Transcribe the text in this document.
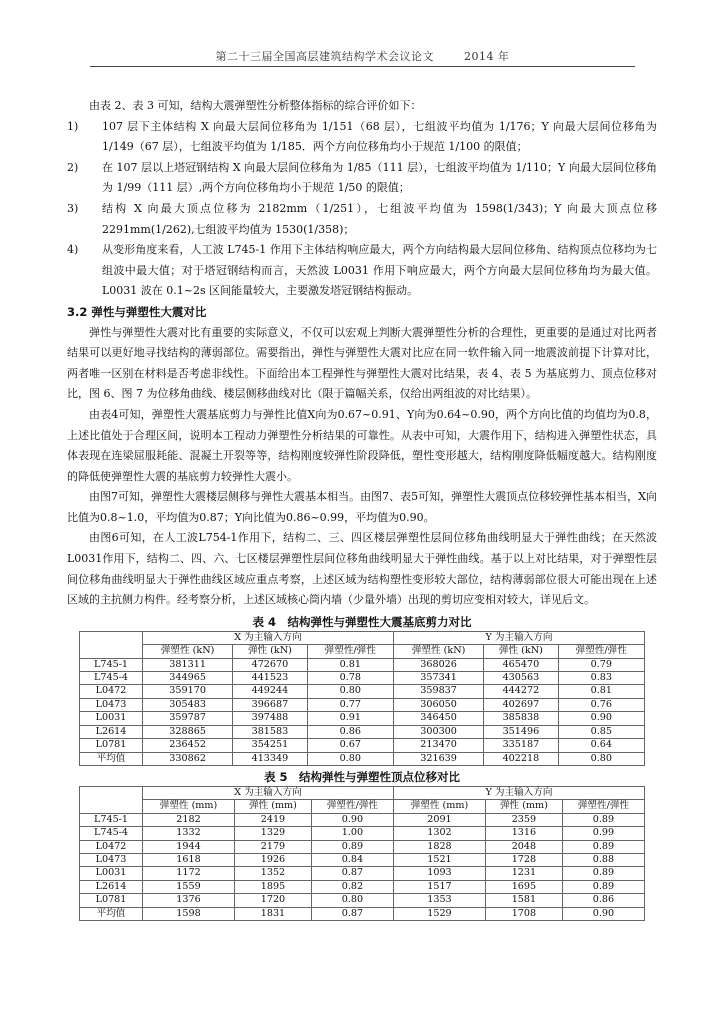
第二十三届全国高层建筑结构学术会议论文	2014 年

由表 2、表 3 可知，结构大震弹塑性分析整体指标的综合评价如下：

1)	107 层下主体结构 X 向最大层间位移角为 1/151（68 层），七组波平均值为 1/176；Y 向最大层间位移角为 1/149（67 层），七组波平均值为 1/185．两个方向位移角均小于规范 1/100 的限值；
2)	在 107 层以上塔冠钢结构 X 向最大层间位移角为 1/85（111 层），七组波平均值为 1/110；Y 向最大层间位移角为 1/99（111 层）,两个方向位移角均小于规范 1/50 的限值；
3)	结构 X 向最大顶点位移为 2182mm（1/251），七组波平均值为 1598(1/343)；Y 向最大顶点位移2291mm(1/262),七组波平均值为 1530(1/358)；
4)	从变形角度来看，人工波 L745-1 作用下主体结构响应最大，两个方向结构最大层间位移角、结构顶点位移均为七组波中最大值；对于塔冠钢结构而言，天然波 L0031 作用下响应最大，两个方向最大层间位移角均为最大值。L0031 波在 0.1~2s 区间能量较大，主要激发塔冠钢结构振动。
3.2 弹性与弹塑性大震对比

弹性与弹塑性大震对比有重要的实际意义，不仅可以宏观上判断大震弹塑性分析的合理性，更重要的是通过对比两者结果可以更好地寻找结构的薄弱部位。需要指出，弹性与弹塑性大震对比应在同一软件输入同一地震波前提下计算对比，两者唯一区别在材料是否考虑非线性。下面给出本工程弹性与弹塑性大震对比结果，表 4、表 5 为基底剪力、顶点位移对比，图 6、图 7 为位移角曲线、楼层侧移曲线对比（限于篇幅关系，仅给出两组波的对比结果）。

由表4可知，弹塑性大震基底剪力与弹性比值X向为0.67~0.91、Y向为0.64~0.90，两个方向比值的均值均为0.8，上述比值处于合理区间，说明本工程动力弹塑性分析结果的可靠性。从表中可知，大震作用下，结构进入弹塑性状态，具体表现在连梁屈服耗能、混凝土开裂等等，结构刚度较弹性阶段降低，塑性变形越大，结构刚度降低幅度越大。结构刚度的降低使弹塑性大震的基底剪力较弹性大震小。

由图7可知，弹塑性大震楼层侧移与弹性大震基本相当。由图7、表5可知，弹塑性大震顶点位移较弹性基本相当，X向比值为0.8~1.0，平均值为0.87；Y向比值为0.86~0.99，平均值为0.90。

由图6可知，在人工波L754-1作用下，结构二、三、四区楼层弹塑性层间位移角曲线明显大于弹性曲线；在天然波L0031作用下，结构二、四、六、七区楼层弹塑性层间位移角曲线明显大于弹性曲线。基于以上对比结果，对于弹塑性层间位移角曲线明显大于弹性曲线区域应重点考察，上述区域为结构塑性变形较大部位，结构薄弱部位很大可能出现在上述区域的主抗侧力构件。经考察分析，上述区域核心筒内墙（少量外墙）出现的剪切应变相对较大，详见后文。

表 4　结构弹性与弹塑性大震基底剪力对比
	X 为主输入方向			Y 为主输入方向		
	弹塑性 (kN)	弹性 (kN)	弹塑性/弹性	弹塑性 (kN)	弹性 (kN)	弹塑性/弹性
L745-1	381311	472670	0.81	368026	465470	0.79
L745-4	344965	441523	0.78	357341	430563	0.83
L0472	359170	449244	0.80	359837	444272	0.81
L0473	305483	396687	0.77	306050	402697	0.76
L0031	359787	397488	0.91	346450	385838	0.90
L2614	328865	381583	0.86	300300	351496	0.85
L0781	236452	354251	0.67	213470	335187	0.64
平均值	330862	413349	0.80	321639	402218	0.80
表 5　结构弹性与弹塑性顶点位移对比
	X 为主输入方向			Y 为主输入方向		
	弹塑性 (mm)	弹性 (mm)	弹塑性/弹性	弹塑性 (mm)	弹性 (mm)	弹塑性/弹性
L745-1	2182	2419	0.90	2091	2359	0.89
L745-4	1332	1329	1.00	1302	1316	0.99
L0472	1944	2179	0.89	1828	2048	0.89
L0473	1618	1926	0.84	1521	1728	0.88
L0031	1172	1352	0.87	1093	1231	0.89
L2614	1559	1895	0.82	1517	1695	0.89
L0781	1376	1720	0.80	1353	1581	0.86
平均值	1598	1831	0.87	1529	1708	0.90
